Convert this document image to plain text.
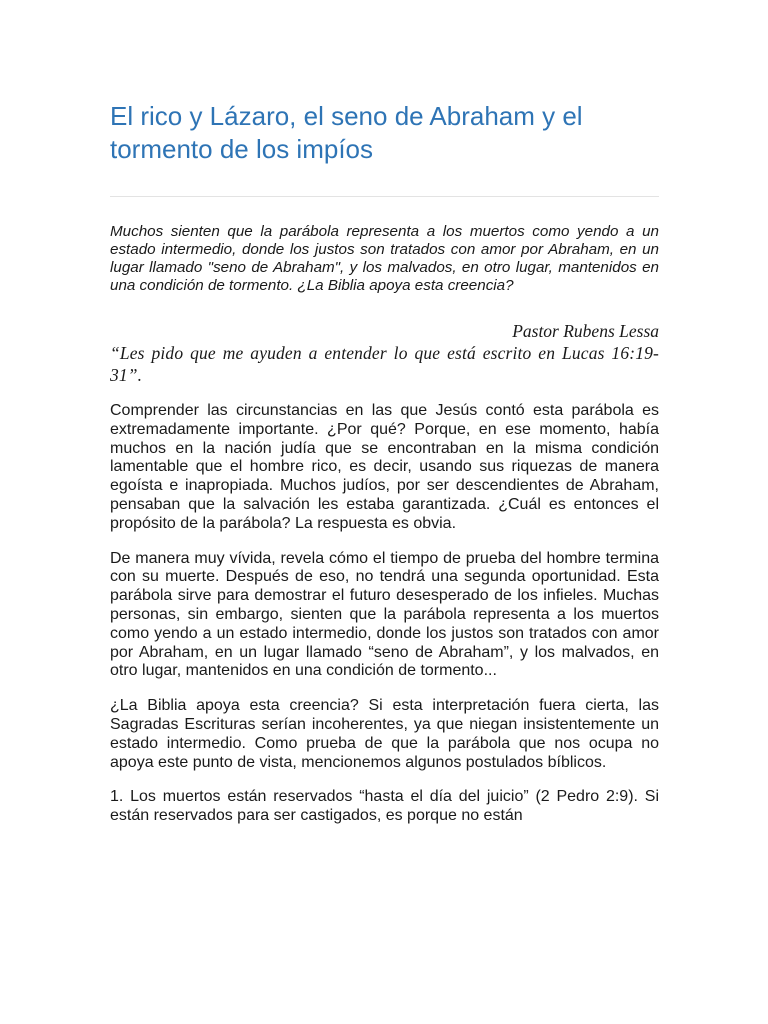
El rico y Lázaro, el seno de Abraham y el tormento de los impíos

Muchos sienten que la parábola representa a los muertos como yendo a un estado intermedio, donde los justos son tratados con amor por Abraham, en un lugar llamado "seno de Abraham", y los malvados, en otro lugar, mantenidos en una condición de tormento. ¿La Biblia apoya esta creencia?

Pastor Rubens Lessa
“Les pido que me ayuden a entender lo que está escrito en Lucas 16:19-31”.

Comprender las circunstancias en las que Jesús contó esta parábola es extremadamente importante. ¿Por qué? Porque, en ese momento, había muchos en la nación judía que se encontraban en la misma condición lamentable que el hombre rico, es decir, usando sus riquezas de manera egoísta e inapropiada. Muchos judíos, por ser descendientes de Abraham, pensaban que la salvación les estaba garantizada. ¿Cuál es entonces el propósito de la parábola? La respuesta es obvia.

De manera muy vívida, revela cómo el tiempo de prueba del hombre termina con su muerte. Después de eso, no tendrá una segunda oportunidad. Esta parábola sirve para demostrar el futuro desesperado de los infieles. Muchas personas, sin embargo, sienten que la parábola representa a los muertos como yendo a un estado intermedio, donde los justos son tratados con amor por Abraham, en un lugar llamado “seno de Abraham”, y los malvados, en otro lugar, mantenidos en una condición de tormento...

¿La Biblia apoya esta creencia? Si esta interpretación fuera cierta, las Sagradas Escrituras serían incoherentes, ya que niegan insistentemente un estado intermedio. Como prueba de que la parábola que nos ocupa no apoya este punto de vista, mencionemos algunos postulados bíblicos.

1. Los muertos están reservados “hasta el día del juicio” (2 Pedro 2:9). Si están reservados para ser castigados, es porque no están
